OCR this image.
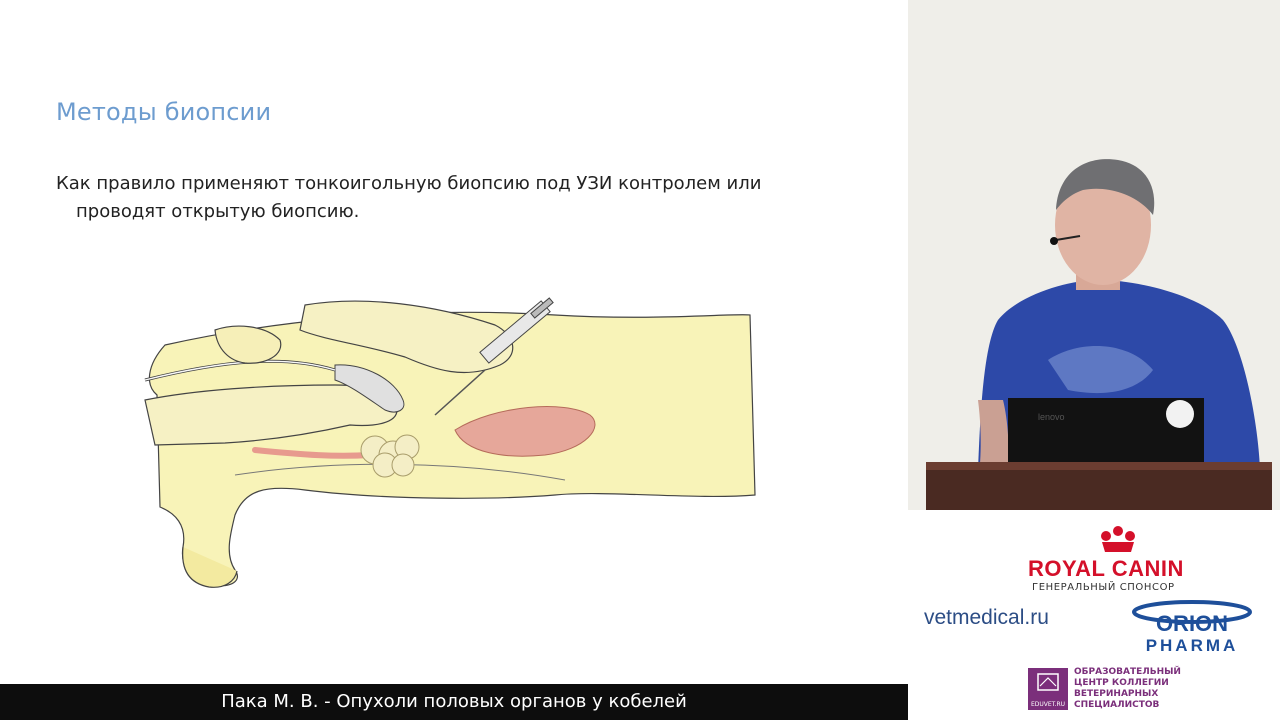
Методы биопсии
Как правило применяют тонкоигольную биопсию под УЗИ контролем или
проводят открытую биопсию.
lenovo
ROYAL CANIN
ГЕНЕРАЛЬНЫЙ СПОНСОР
vetmedical.ru	ORION
PHARMA
EDUVET.RU
ОБРАЗОВАТЕЛЬНЫЙ
ЦЕНТР КОЛЛЕГИИ
ВЕТЕРИНАРНЫХ
СПЕЦИАЛИСТОВ
Пака М. В. - Опухоли половых органов у кобелей
